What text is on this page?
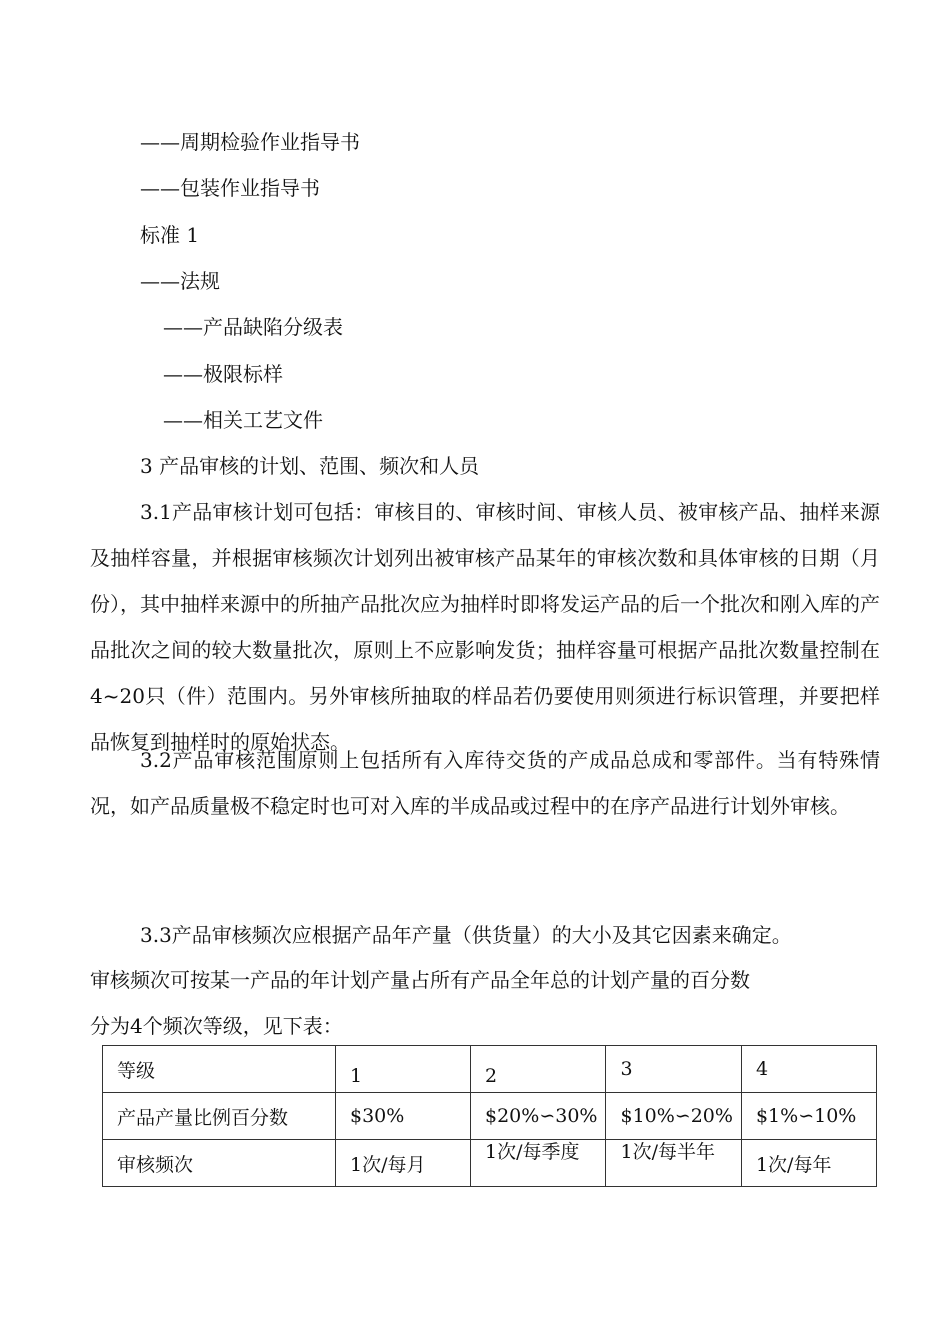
——周期检验作业指导书
——包装作业指导书
标准 1
——法规
——产品缺陷分级表
——极限标样
——相关工艺文件
3 产品审核的计划、范围、频次和人员

3.1产品审核计划可包括：审核目的、审核时间、审核人员、被审核产品、抽样来源及抽样容量，并根据审核频次计划列出被审核产品某年的审核次数和具体审核的日期（月份），其中抽样来源中的所抽产品批次应为抽样时即将发运产品的后一个批次和刚入库的产品批次之间的较大数量批次，原则上不应影响发货；抽样容量可根据产品批次数量控制在4~20只（件）范围内。另外审核所抽取的样品若仍要使用则须进行标识管理，并要把样品恢复到抽样时的原始状态。

3.2产品审核范围原则上包括所有入库待交货的产成品总成和零部件。当有特殊情况，如产品质量极不稳定时也可对入库的半成品或过程中的在序产品进行计划外审核。

3.3产品审核频次应根据产品年产量（供货量）的大小及其它因素来确定。
审核频次可按某一产品的年计划产量占所有产品全年总的计划产量的百分数
分为4个频次等级，见下表：
等级	1	2	3	4
产品产量比例百分数	$30%	$20%∽30%	$10%∽20%	$1%∽10%
审核频次	1次/每月	1次/每季度	1次/每半年	1次/每年
